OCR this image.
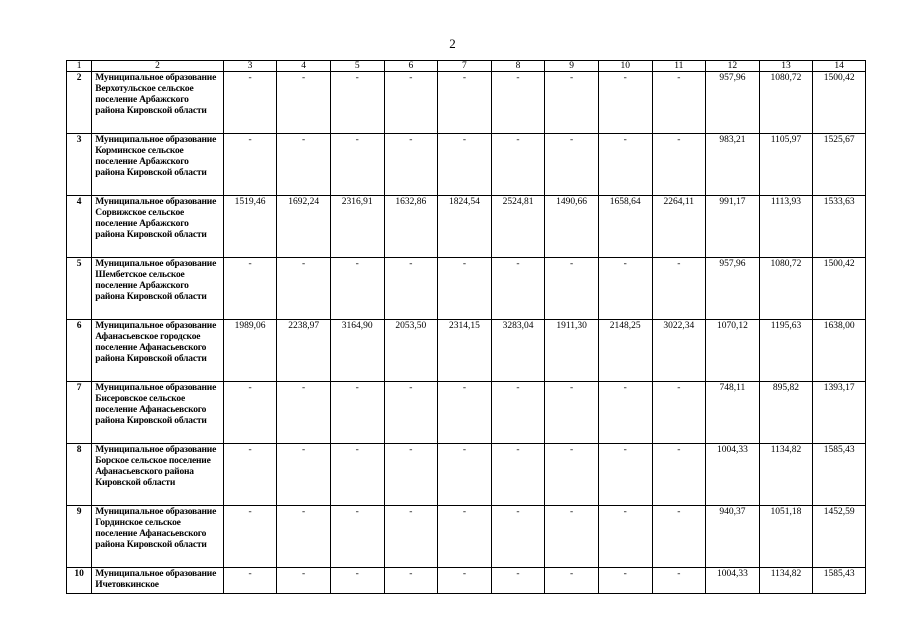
2
1	2	3	4	5	6	7	8	9	10	11	12	13	14
2	Муниципальное образование Верхотульское сельское поселение Арбажского района Кировской области	-	-	-	-	-	-	-	-	-	957,96	1080,72	1500,42
3	Муниципальное образование Корминское сельское поселение Арбажского района Кировской области	-	-	-	-	-	-	-	-	-	983,21	1105,97	1525,67
4	Муниципальное образование Сорвижское сельское поселение Арбажского района Кировской области	1519,46	1692,24	2316,91	1632,86	1824,54	2524,81	1490,66	1658,64	2264,11	991,17	1113,93	1533,63
5	Муниципальное образование Шембетское сельское поселение Арбажского района Кировской области	-	-	-	-	-	-	-	-	-	957,96	1080,72	1500,42
6	Муниципальное образование Афанасьевское городское поселение Афанасьевского района Кировской области	1989,06	2238,97	3164,90	2053,50	2314,15	3283,04	1911,30	2148,25	3022,34	1070,12	1195,63	1638,00
7	Муниципальное образование Бисеровское сельское поселение Афанасьевского района Кировской области	-	-	-	-	-	-	-	-	-	748,11	895,82	1393,17
8	Муниципальное образование Борское сельское поселение Афанасьевского района Кировской области	-	-	-	-	-	-	-	-	-	1004,33	1134,82	1585,43
9	Муниципальное образование Гординское сельское поселение Афанасьевского района Кировской области	-	-	-	-	-	-	-	-	-	940,37	1051,18	1452,59
10	Муниципальное образование Ичетовкинское	-	-	-	-	-	-	-	-	-	1004,33	1134,82	1585,43
